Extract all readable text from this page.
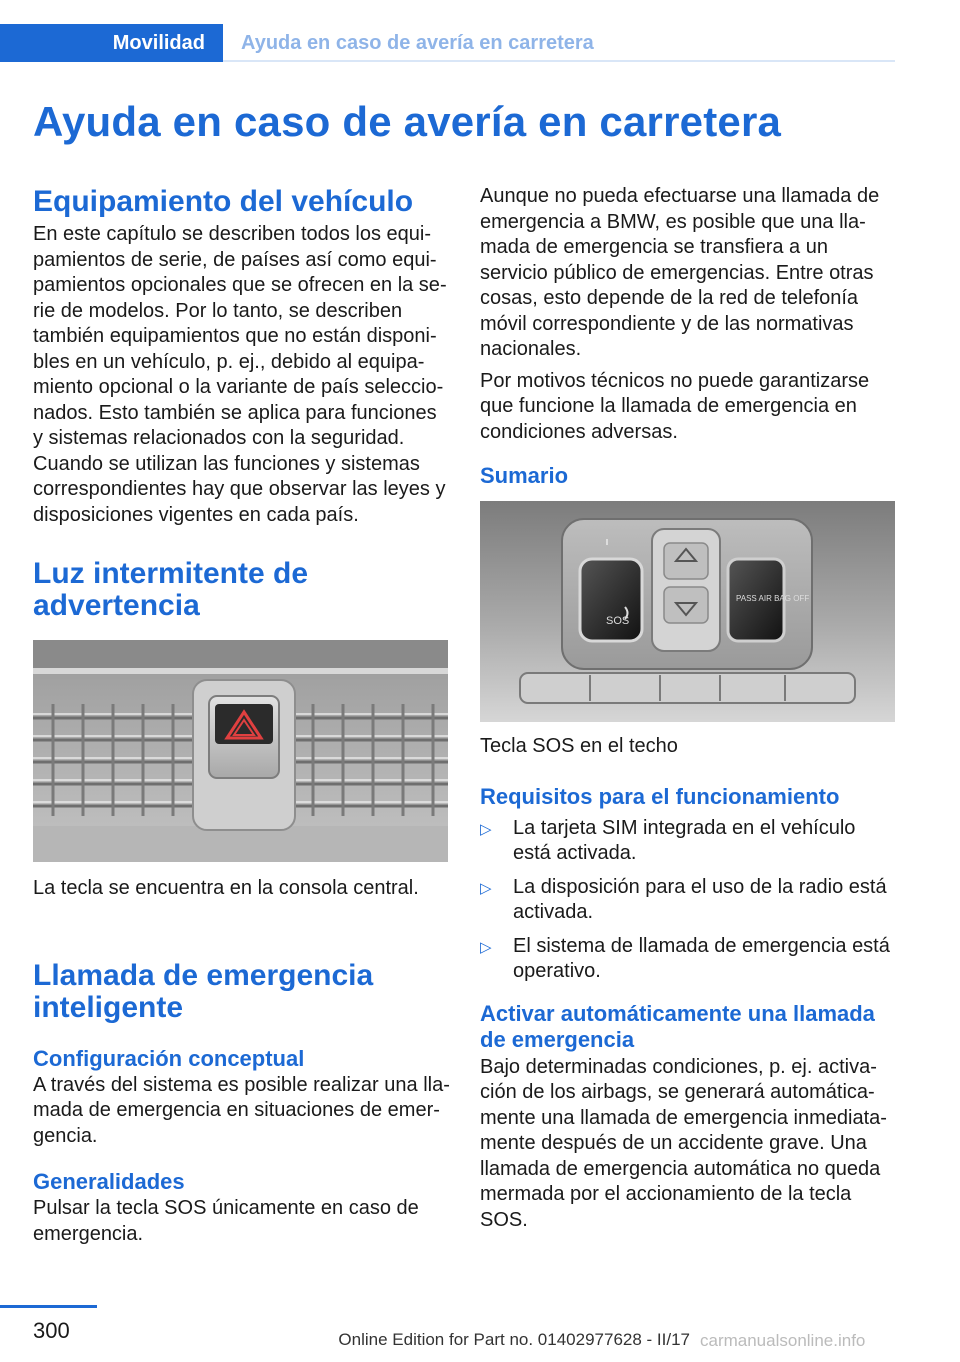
Movilidad Ayuda en caso de avería en carretera
Ayuda en caso de avería en carretera
Equipamiento del vehículo

En este capítulo se describen todos los equipamientos de serie, de países así como equipamientos opcionales que se ofrecen en la serie de modelos. Por lo tanto, se describen también equipamientos que no están disponibles en un vehículo, p. ej., debido al equipamiento opcional o la variante de país seleccionados. Esto también se aplica para funciones y sistemas relacionados con la seguridad. Cuando se utilizan las funciones y sistemas correspondientes hay que observar las leyes y disposiciones vigentes en cada país.

Luz intermitente de advertencia

La tecla se encuentra en la consola central.

Llamada de emergencia inteligente
Configuración conceptual

A través del sistema es posible realizar una llamada de emergencia en situaciones de emergencia.

Generalidades

Pulsar la tecla SOS únicamente en caso de emergencia.

Aunque no pueda efectuarse una llamada de emergencia a BMW, es posible que una llamada de emergencia se transfiera a un servicio público de emergencias. Entre otras cosas, esto depende de la red de telefonía móvil correspondiente y de las normativas nacionales.

Por motivos técnicos no puede garantizarse que funcione la llamada de emergencia en condiciones adversas.

Sumario
SOS
PASS AIR BAG OFF

Tecla SOS en el techo

Requisitos para el funcionamiento
▷ La tarjeta SIM integrada en el vehículo está activada.
▷ La disposición para el uso de la radio está activada.
▷ El sistema de llamada de emergencia está operativo.
Activar automáticamente una llamada de emergencia

Bajo determinadas condiciones, p. ej. activación de los airbags, se generará automáticamente una llamada de emergencia inmediatamente después de un accidente grave. Una llamada de emergencia automática no queda mermada por el accionamiento de la tecla SOS.

300	Online Edition for Part no. 01402977628 - II/17 carmanualsonline.info
